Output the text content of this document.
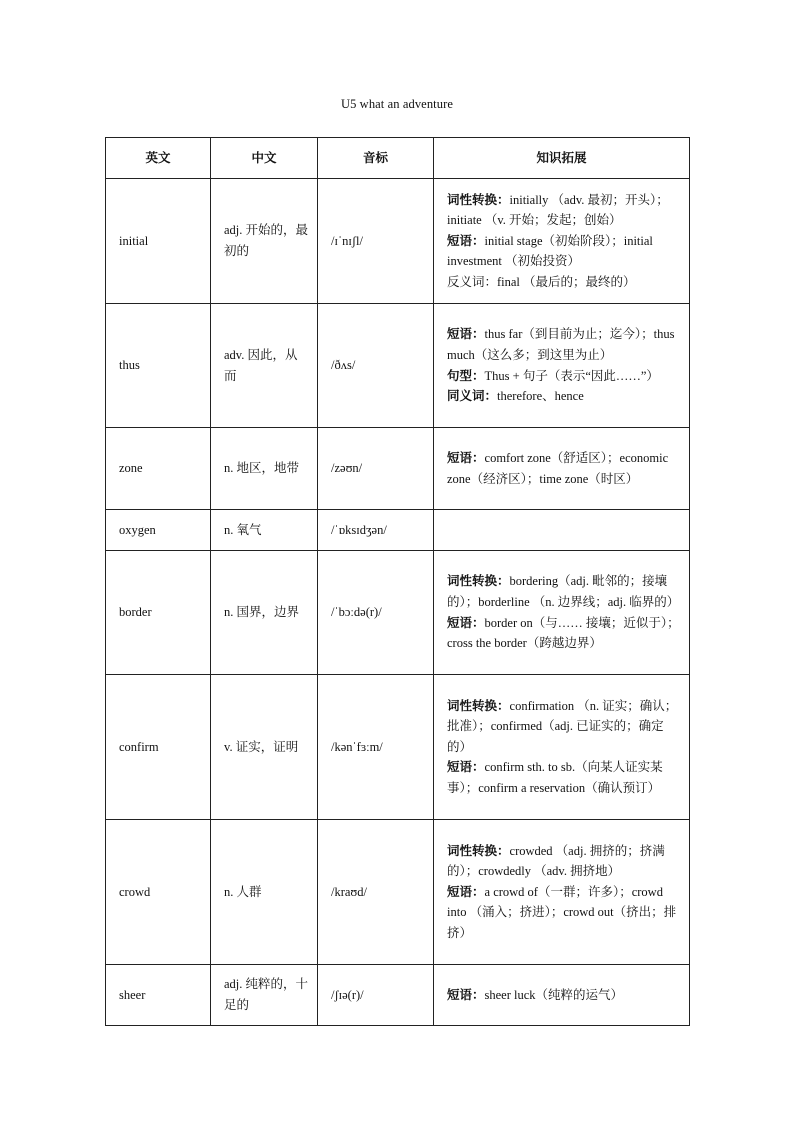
U5 what an adventure
英文	中文	音标	知识拓展
initial	adj. 开始的，最初的	/ɪˈnɪʃl/	词性转换：initially （adv. 最初；开头）；initiate （v. 开始；发起；创始）
短语：initial stage（初始阶段）；initial investment （初始投资）
反义词：final （最后的；最终的）

thus	adv. 因此，从而	/ðʌs/	短语：thus far（到目前为止；迄今）；thus much（这么多；到这里为止）
句型：Thus + 句子（表示“因此……”）
同义词：therefore、hence

zone	n. 地区，地带	/zəʊn/	短语：comfort zone（舒适区）；economic zone（经济区）；time zone（时区）

oxygen	n. 氧气	/ˈɒksɪdʒən/	
border	n. 国界，边界	/ˈbɔːdə(r)/	词性转换：bordering（adj. 毗邻的；接壤的）；borderline （n. 边界线；adj. 临界的）
短语：border on（与…… 接壤；近似于）；cross the border（跨越边界）

confirm	v. 证实，证明	/kənˈfɜːm/	词性转换：confirmation （n. 证实；确认；批准）；confirmed（adj. 已证实的；确定的）
短语：confirm sth. to sb.（向某人证实某事）；confirm a reservation（确认预订）

crowd	n. 人群	/kraʊd/	词性转换：crowded （adj. 拥挤的；挤满的）；crowdedly （adv. 拥挤地）
短语：a crowd of（一群；许多）；crowd into （涌入；挤进）；crowd out（挤出；排挤）

sheer	adj. 纯粹的，十足的	/ʃɪə(r)/	短语：sheer luck（纯粹的运气）
